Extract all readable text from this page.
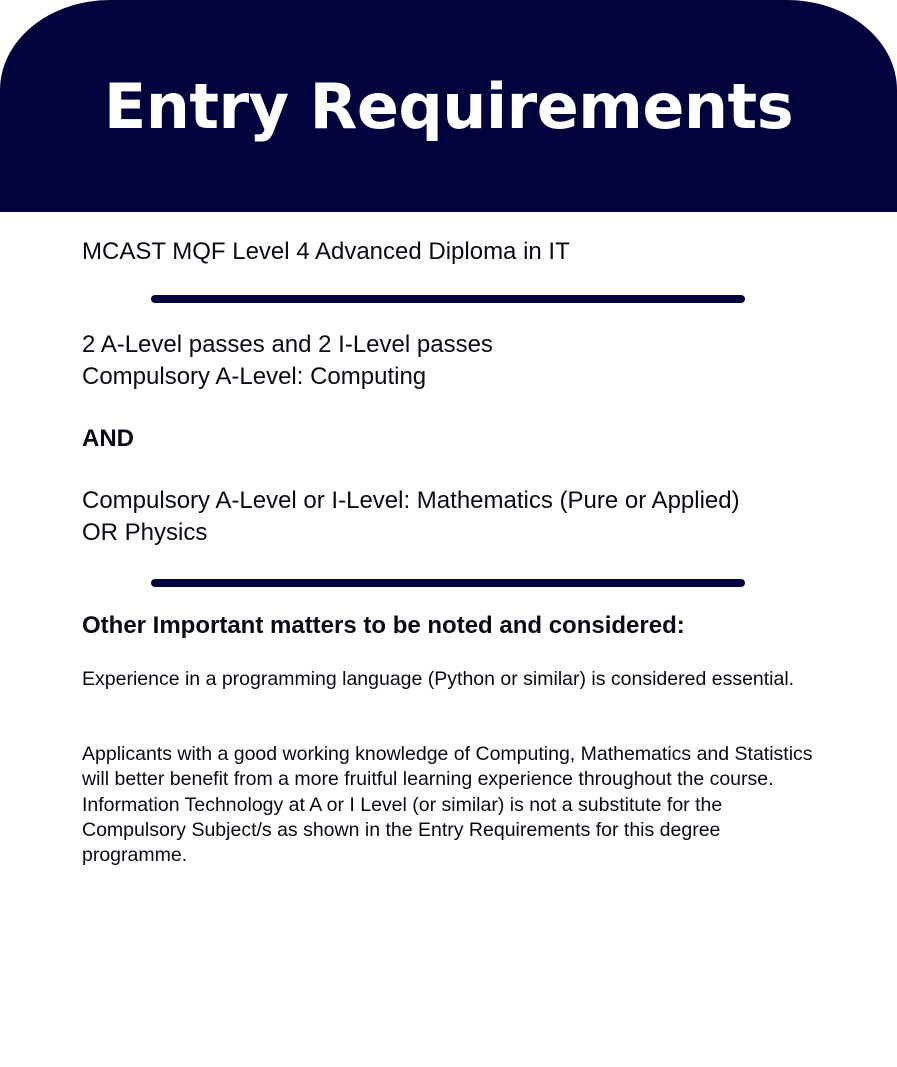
Entry Requirements
MCAST MQF Level 4 Advanced Diploma in IT
2 A-Level passes and 2 I-Level passes
Compulsory A-Level: Computing
AND
Compulsory A-Level or I-Level: Mathematics (Pure or Applied)
OR Physics
Other Important matters to be noted and considered:
Experience in a programming language (Python or similar) is considered essential.
Applicants with a good working knowledge of Computing, Mathematics and Statistics will better benefit from a more fruitful learning experience throughout the course. Information Technology at A or I Level (or similar) is not a substitute for the Compulsory Subject/s as shown in the Entry Requirements for this degree programme.
